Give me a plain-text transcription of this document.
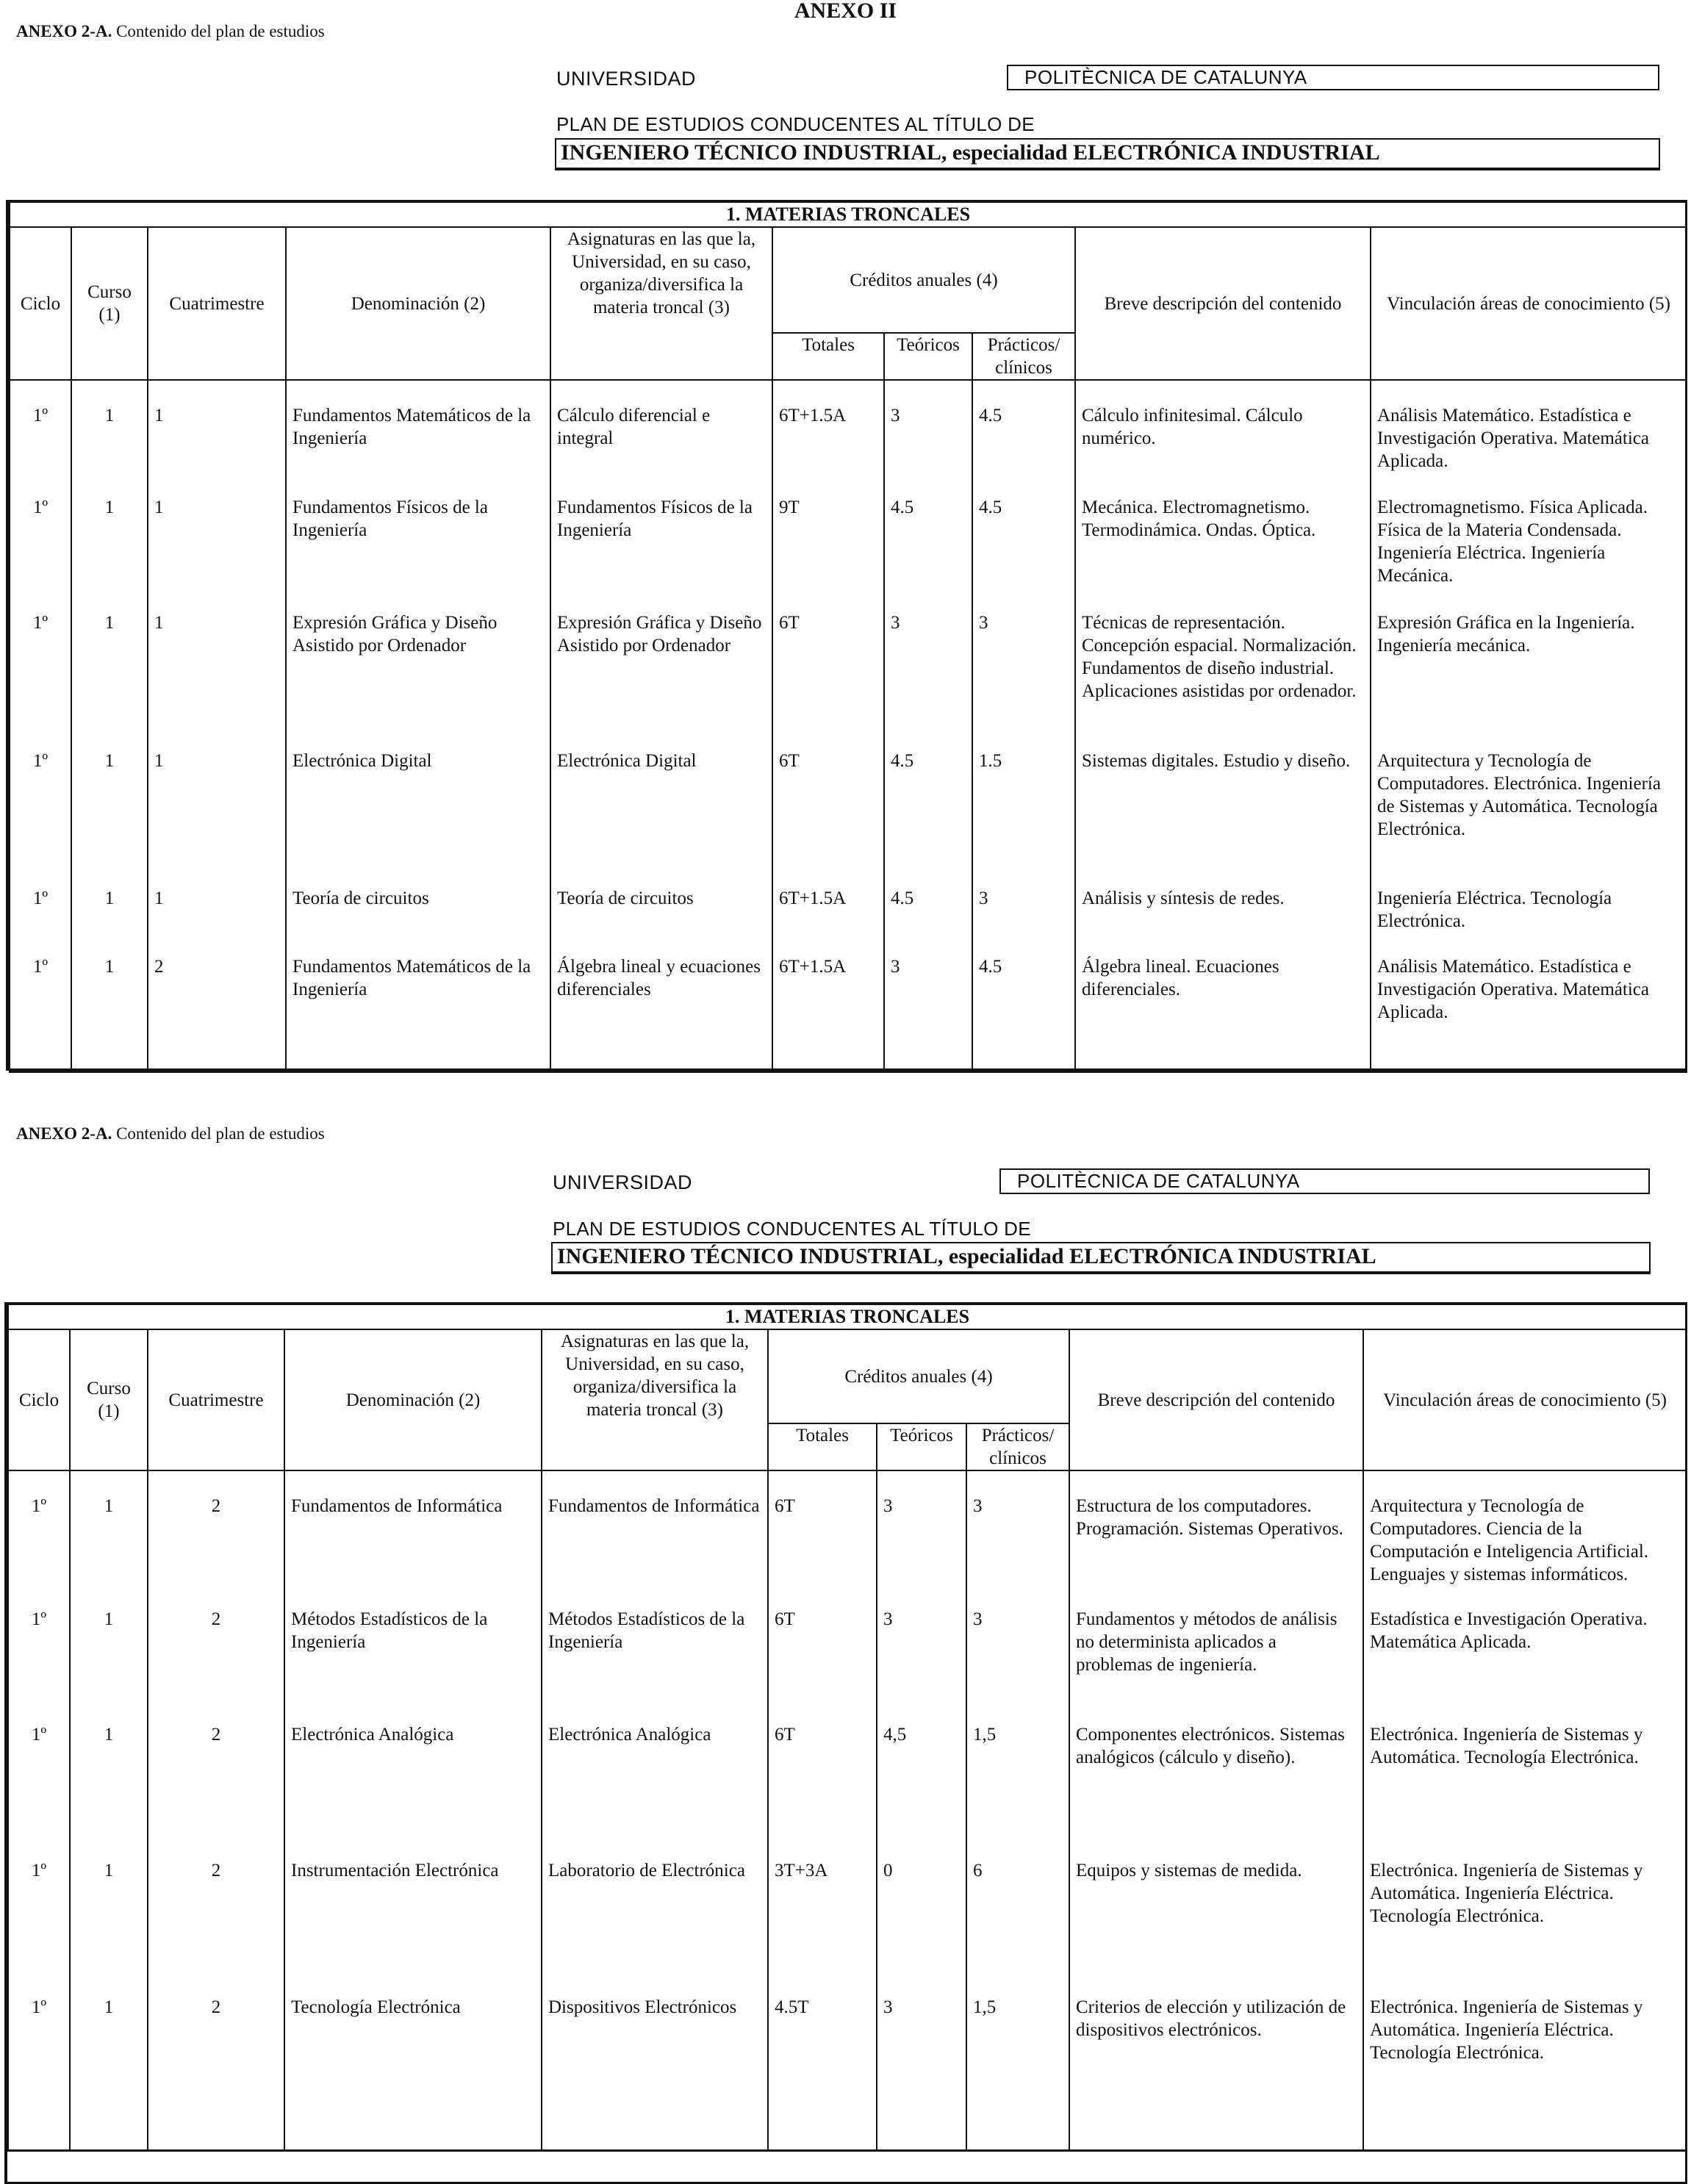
ANEXO II
ANEXO 2-A. Contenido del plan de estudios
UNIVERSIDAD	POLITÈCNICA DE CATALUNYA
PLAN DE ESTUDIOS CONDUCENTES AL TÍTULO DE
INGENIERO TÉCNICO INDUSTRIAL, especialidad ELECTRÓNICA INDUSTRIAL
1. MATERIAS TRONCALES									
Ciclo	Curso (1)	Cuatrimestre	Denominación (2)	Asignaturas en las que la, Universidad, en su caso, organiza/diversifica la materia troncal (3)	Créditos anuales (4)			Breve descripción del contenido	Vinculación áreas de conocimiento (5)
					Totales	Teóricos	Prácticos/ clínicos		
1º	1	1	Fundamentos Matemáticos de la Ingeniería	Cálculo diferencial e integral	6T+1.5A	3	4.5	Cálculo infinitesimal. Cálculo numérico.	Análisis Matemático. Estadística e Investigación Operativa. Matemática Aplicada.
1º	1	1	Fundamentos Físicos de la Ingeniería	Fundamentos Físicos de la Ingeniería	9T	4.5	4.5	Mecánica. Electromagnetismo. Termodinámica. Ondas. Óptica.	Electromagnetismo. Física Aplicada. Física de la Materia Condensada. Ingeniería Eléctrica. Ingeniería Mecánica.
1º	1	1	Expresión Gráfica y Diseño Asistido por Ordenador	Expresión Gráfica y Diseño Asistido por Ordenador	6T	3	3	Técnicas de representación. Concepción espacial. Normalización. Fundamentos de diseño industrial. Aplicaciones asistidas por ordenador.	Expresión Gráfica en la Ingeniería. Ingeniería mecánica.
1º	1	1	Electrónica Digital	Electrónica Digital	6T	4.5	1.5	Sistemas digitales. Estudio y diseño.	Arquitectura y Tecnología de Computadores. Electrónica. Ingeniería de Sistemas y Automática. Tecnología Electrónica.
1º	1	1	Teoría de circuitos	Teoría de circuitos	6T+1.5A	4.5	3	Análisis y síntesis de redes.	Ingeniería Eléctrica. Tecnología Electrónica.
1º	1	2	Fundamentos Matemáticos de la Ingeniería	Álgebra lineal y ecuaciones diferenciales	6T+1.5A	3	4.5	Álgebra lineal. Ecuaciones diferenciales.	Análisis Matemático. Estadística e Investigación Operativa. Matemática Aplicada.
ANEXO 2-A. Contenido del plan de estudios
UNIVERSIDAD	POLITÈCNICA DE CATALUNYA
PLAN DE ESTUDIOS CONDUCENTES AL TÍTULO DE
INGENIERO TÉCNICO INDUSTRIAL, especialidad ELECTRÓNICA INDUSTRIAL
1. MATERIAS TRONCALES									
Ciclo	Curso (1)	Cuatrimestre	Denominación (2)	Asignaturas en las que la, Universidad, en su caso, organiza/diversifica la materia troncal (3)	Créditos anuales (4)			Breve descripción del contenido	Vinculación áreas de conocimiento (5)
					Totales	Teóricos	Prácticos/ clínicos		
1º	1	2	Fundamentos de Informática	Fundamentos de Informática	6T	3	3	Estructura de los computadores. Programación. Sistemas Operativos.	Arquitectura y Tecnología de Computadores. Ciencia de la Computación e Inteligencia Artificial. Lenguajes y sistemas informáticos.
1º	1	2	Métodos Estadísticos de la Ingeniería	Métodos Estadísticos de la Ingeniería	6T	3	3	Fundamentos y métodos de análisis no determinista aplicados a problemas de ingeniería.	Estadística e Investigación Operativa. Matemática Aplicada.
1º	1	2	Electrónica Analógica	Electrónica Analógica	6T	4,5	1,5	Componentes electrónicos. Sistemas analógicos (cálculo y diseño).	Electrónica. Ingeniería de Sistemas y Automática. Tecnología Electrónica.
1º	1	2	Instrumentación Electrónica	Laboratorio de Electrónica	3T+3A	0	6	Equipos y sistemas de medida.	Electrónica. Ingeniería de Sistemas y Automática. Ingeniería Eléctrica. Tecnología Electrónica.
1º	1	2	Tecnología Electrónica	Dispositivos Electrónicos	4.5T	3	1,5	Criterios de elección y utilización de dispositivos electrónicos.	Electrónica. Ingeniería de Sistemas y Automática. Ingeniería Eléctrica. Tecnología Electrónica.
